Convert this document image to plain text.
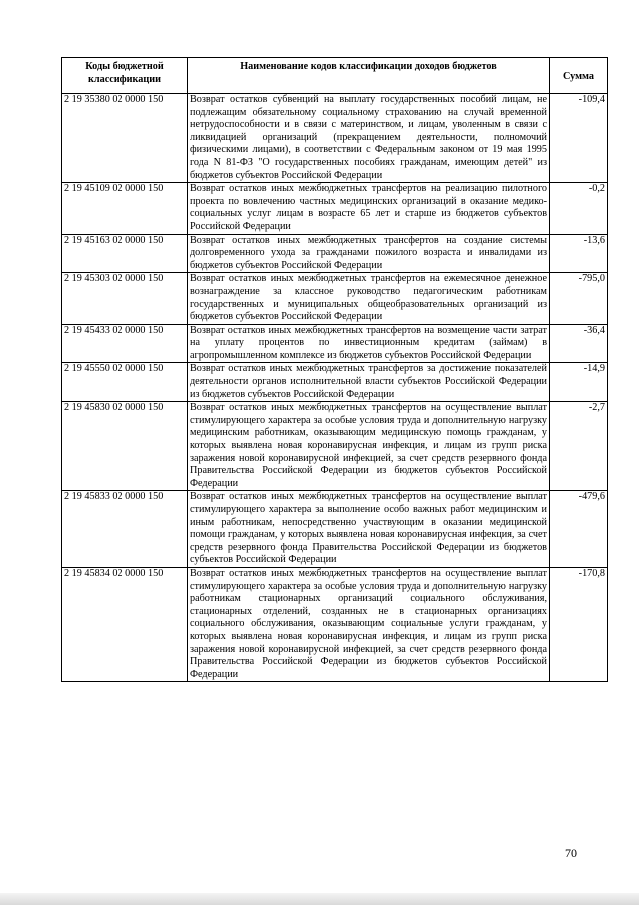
Коды бюджетной классификации	Наименование кодов классификации доходов бюджетов	Сумма
2 19 35380 02 0000 150	Возврат остатков субвенций на выплату государственных пособий лицам, не подлежащим обязательному социальному страхованию на случай временной нетрудоспособности и в связи с материнством, и лицам, уволенным в связи с ликвидацией организаций (прекращением деятельности, полномочий физическими лицами), в соответствии с Федеральным законом от 19 мая 1995 года N 81-ФЗ "О государственных пособиях гражданам, имеющим детей" из бюджетов субъектов Российской Федерации	-109,4
2 19 45109 02 0000 150	Возврат остатков иных межбюджетных трансфертов на реализацию пилотного проекта по вовлечению частных медицинских организаций в оказание медико-социальных услуг лицам в возрасте 65 лет и старше из бюджетов субъектов Российской Федерации	-0,2
2 19 45163 02 0000 150	Возврат остатков иных межбюджетных трансфертов на создание системы долговременного ухода за гражданами пожилого возраста и инвалидами из бюджетов субъектов Российской Федерации	-13,6
2 19 45303 02 0000 150	Возврат остатков иных межбюджетных трансфертов на ежемесячное денежное вознаграждение за классное руководство педагогическим работникам государственных и муниципальных общеобразовательных организаций из бюджетов субъектов Российской Федерации	-795,0
2 19 45433 02 0000 150	Возврат остатков иных межбюджетных трансфертов на возмещение части затрат на уплату процентов по инвестиционным кредитам (займам) в агропромышленном комплексе из бюджетов субъектов Российской Федерации	-36,4
2 19 45550 02 0000 150	Возврат остатков иных межбюджетных трансфертов за достижение показателей деятельности органов исполнительной власти субъектов Российской Федерации из бюджетов субъектов Российской Федерации	-14,9
2 19 45830 02 0000 150	Возврат остатков иных межбюджетных трансфертов на осуществление выплат стимулирующего характера за особые условия труда и дополнительную нагрузку медицинским работникам, оказывающим медицинскую помощь гражданам, у которых выявлена новая коронавирусная инфекция, и лицам из групп риска заражения новой коронавирусной инфекцией, за счет средств резервного фонда Правительства Российской Федерации из бюджетов субъектов Российской Федерации	-2,7
2 19 45833 02 0000 150	Возврат остатков иных межбюджетных трансфертов на осуществление выплат стимулирующего характера за выполнение особо важных работ медицинским и иным работникам, непосредственно участвующим в оказании медицинской помощи гражданам, у которых выявлена новая коронавирусная инфекция, за счет средств резервного фонда Правительства Российской Федерации из бюджетов субъектов Российской Федерации	-479,6
2 19 45834 02 0000 150	Возврат остатков иных межбюджетных трансфертов на осуществление выплат стимулирующего характера за особые условия труда и дополнительную нагрузку работникам стационарных организаций социального обслуживания, стационарных отделений, созданных не в стационарных организациях социального обслуживания, оказывающим социальные услуги гражданам, у которых выявлена новая коронавирусная инфекция, и лицам из групп риска заражения новой коронавирусной инфекцией, за счет средств резервного фонда Правительства Российской Федерации из бюджетов субъектов Российской Федерации	-170,8
70
